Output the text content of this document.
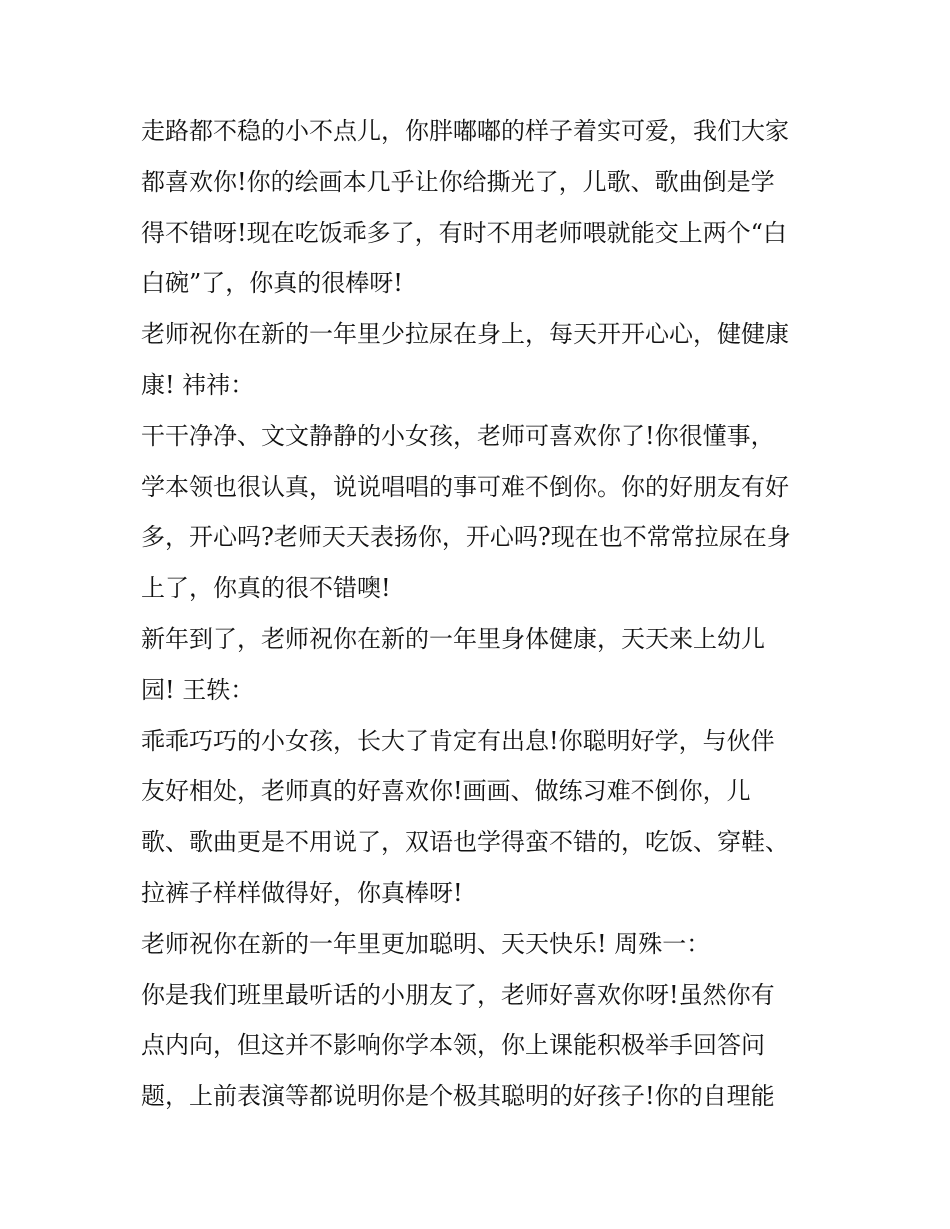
走路都不稳的小不点儿，你胖嘟嘟的样子着实可爱，我们大家
都喜欢你!你的绘画本几乎让你给撕光了，儿歌、歌曲倒是学
得不错呀!现在吃饭乖多了，有时不用老师喂就能交上两个“白
白碗”了，你真的很棒呀!
老师祝你在新的一年里少拉尿在身上，每天开开心心，健健康
康! 祎祎：
干干净净、文文静静的小女孩，老师可喜欢你了!你很懂事，
学本领也很认真，说说唱唱的事可难不倒你。你的好朋友有好
多，开心吗?老师天天表扬你，开心吗?现在也不常常拉尿在身
上了，你真的很不错噢!
新年到了，老师祝你在新的一年里身体健康，天天来上幼儿
园! 王轶：
乖乖巧巧的小女孩，长大了肯定有出息!你聪明好学，与伙伴
友好相处，老师真的好喜欢你!画画、做练习难不倒你，儿
歌、歌曲更是不用说了，双语也学得蛮不错的，吃饭、穿鞋、
拉裤子样样做得好，你真棒呀!
老师祝你在新的一年里更加聪明、天天快乐! 周殊一：
你是我们班里最听话的小朋友了，老师好喜欢你呀!虽然你有
点内向，但这并不影响你学本领，你上课能积极举手回答问
题，上前表演等都说明你是个极其聪明的好孩子!你的自理能
